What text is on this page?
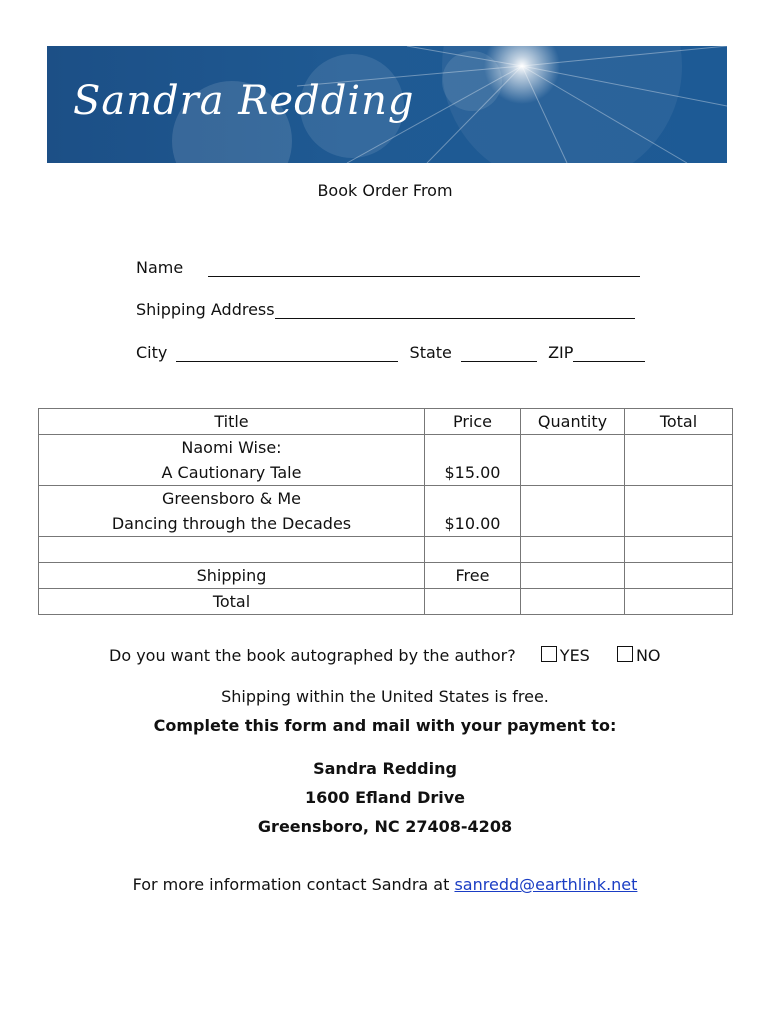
Sandra Redding
Book Order From
Name
Shipping Address
City	State	ZIP
Title	Price	Quantity	Total

Naomi Wise:
A Cautionary Tale	$15.00		

Greensboro & Me
Dancing through the Decades	$10.00		

Shipping	Free		
Total			
Do you want the book autographed by the author?	YES	NO
Shipping within the United States is free.
Complete this form and mail with your payment to:
Sandra Redding
1600 Efland Drive
Greensboro, NC 27408-4208
For more information contact Sandra at sanredd@earthlink.net
